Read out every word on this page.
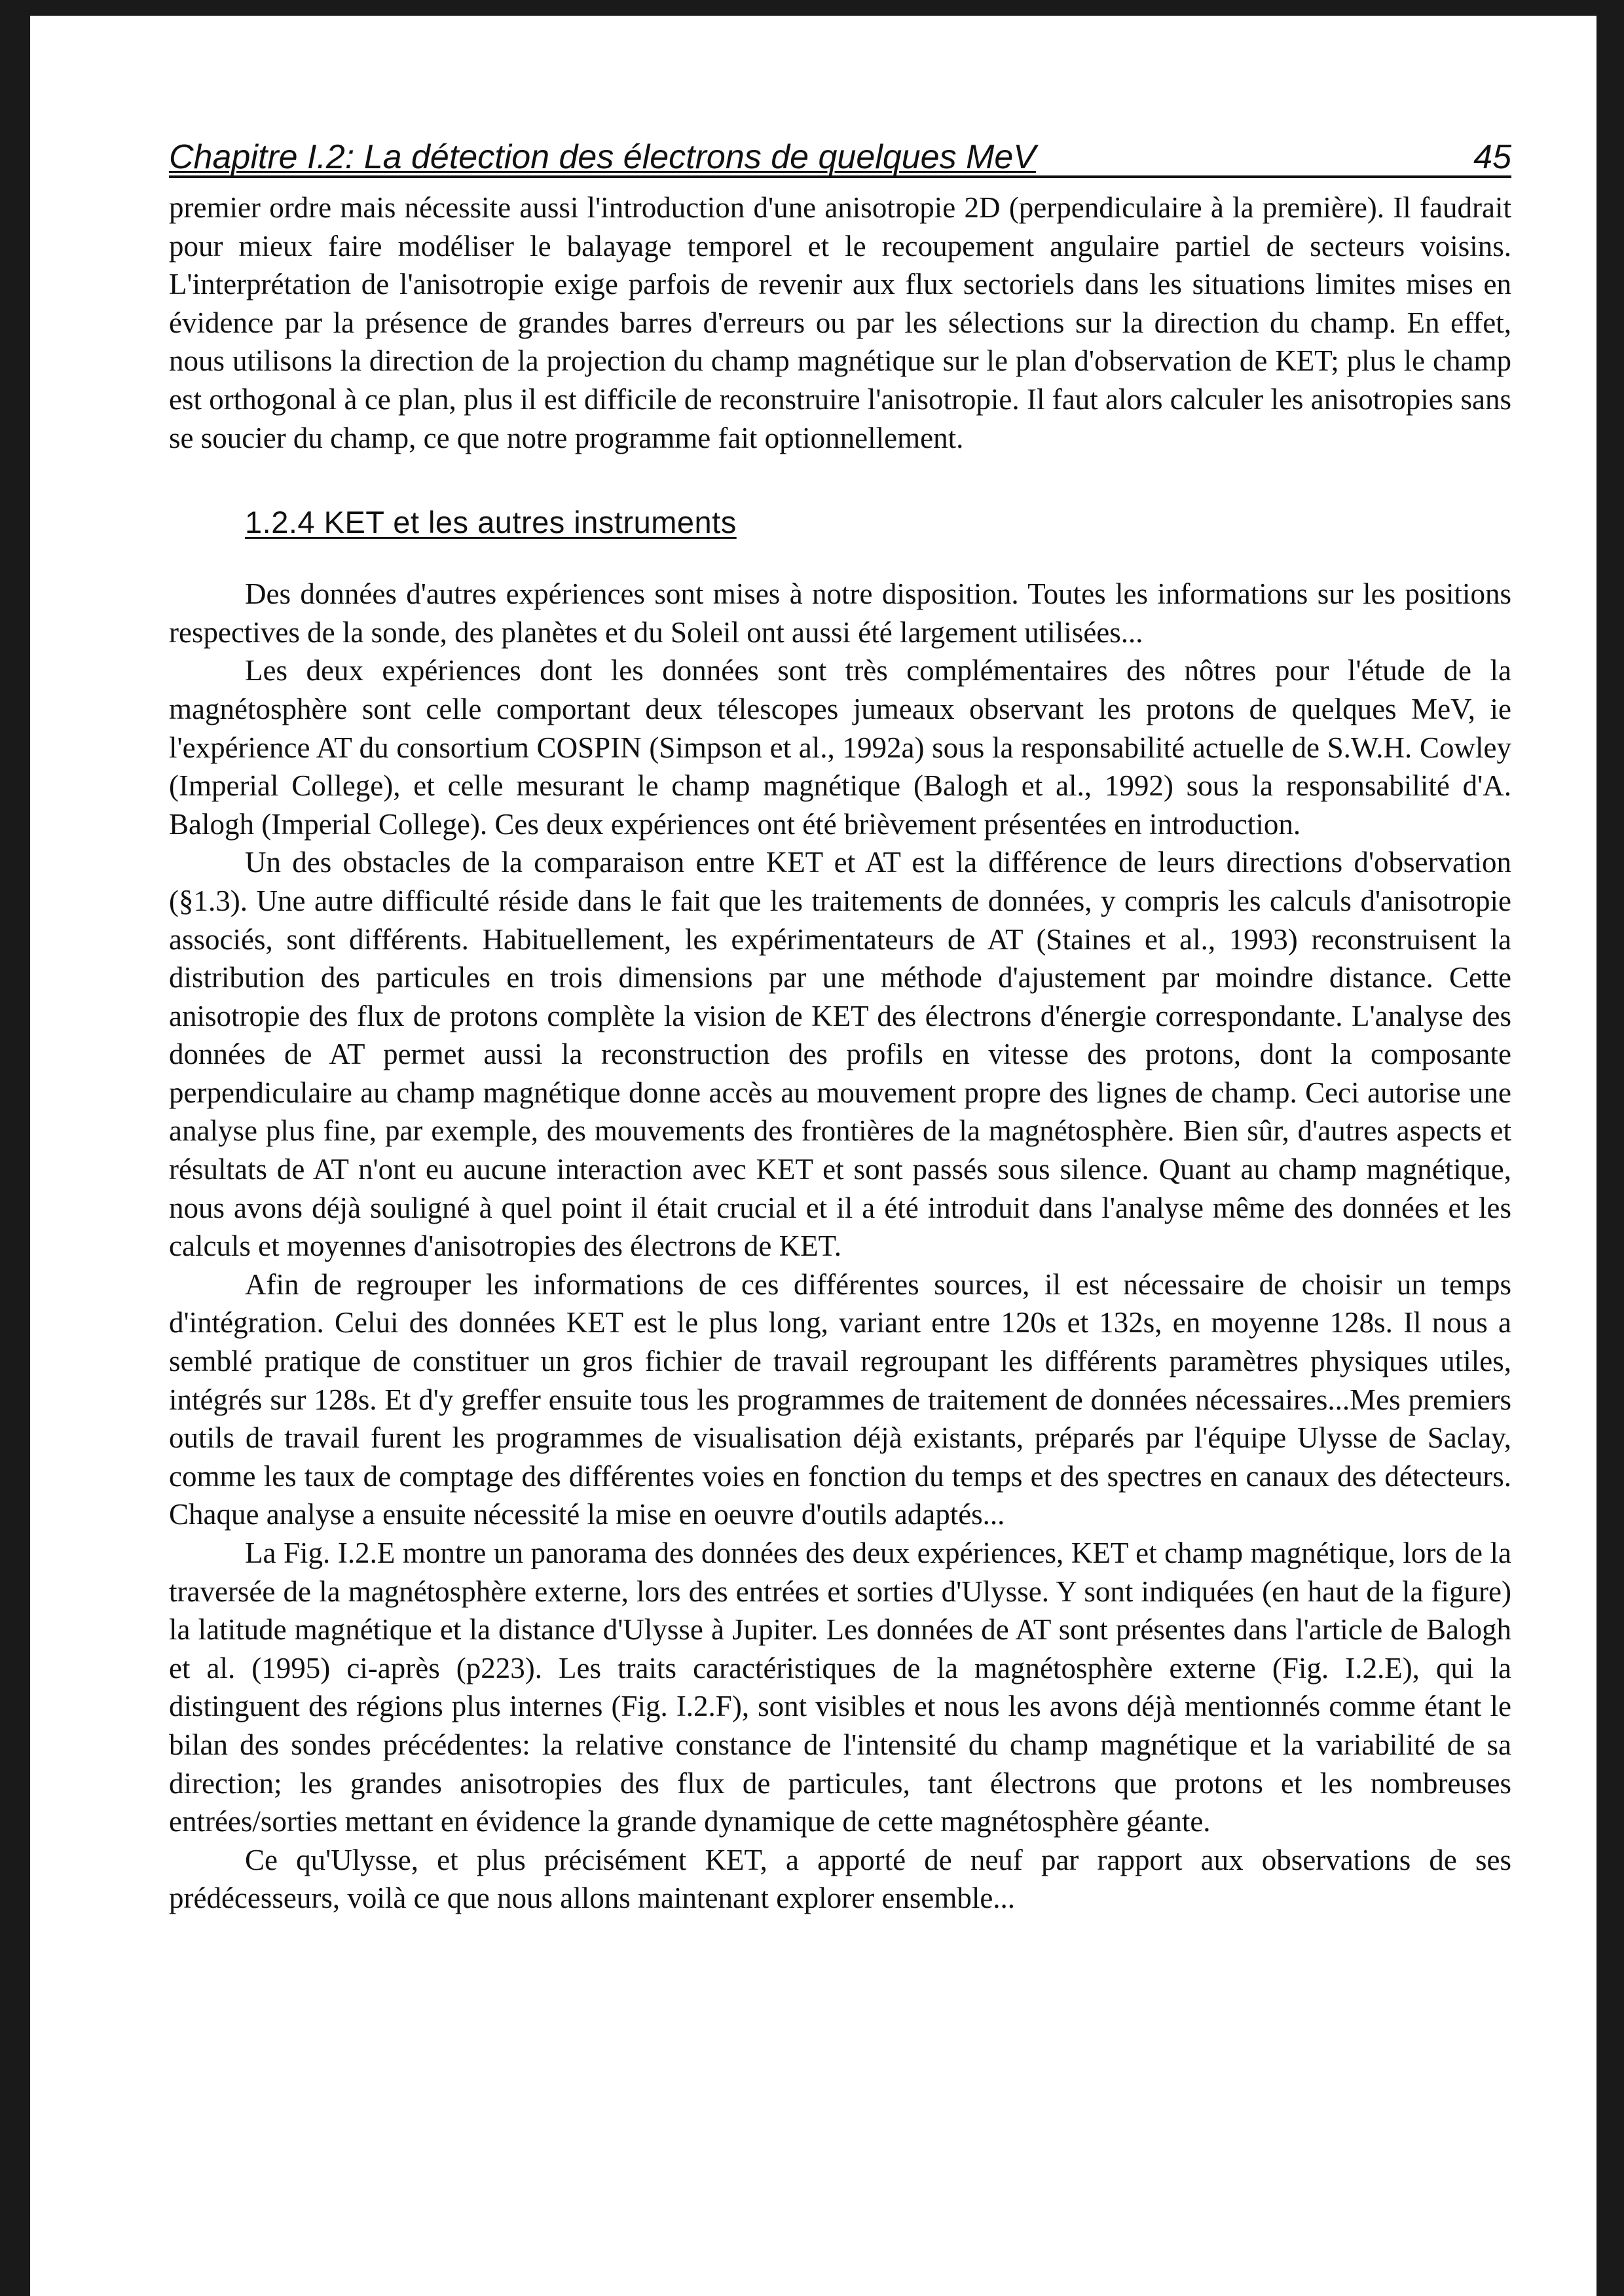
Chapitre I.2: La détection des électrons de quelques MeV	45

premier ordre mais nécessite aussi l'introduction d'une anisotropie 2D (perpendiculaire à la première). Il faudrait pour mieux faire modéliser le balayage temporel et le recoupement angulaire partiel de secteurs voisins. L'interprétation de l'anisotropie exige parfois de revenir aux flux sectoriels dans les situations limites mises en évidence par la présence de grandes barres d'erreurs ou par les sélections sur la direction du champ. En effet, nous utilisons la direction de la projection du champ magnétique sur le plan d'observation de KET; plus le champ est orthogonal à ce plan, plus il est difficile de reconstruire l'anisotropie. Il faut alors calculer les anisotropies sans se soucier du champ, ce que notre programme fait optionnellement.

1.2.4 KET et les autres instruments

Des données d'autres expériences sont mises à notre disposition. Toutes les informations sur les positions respectives de la sonde, des planètes et du Soleil ont aussi été largement utilisées...

Les deux expériences dont les données sont très complémentaires des nôtres pour l'étude de la magnétosphère sont celle comportant deux télescopes jumeaux observant les protons de quelques MeV, ie l'expérience AT du consortium COSPIN (Simpson et al., 1992a) sous la responsabilité actuelle de S.W.H. Cowley (Imperial College), et celle mesurant le champ magnétique (Balogh et al., 1992) sous la responsabilité d'A. Balogh (Imperial College). Ces deux expériences ont été brièvement présentées en introduction.

Un des obstacles de la comparaison entre KET et AT est la différence de leurs directions d'observation (§1.3). Une autre difficulté réside dans le fait que les traitements de données, y compris les calculs d'anisotropie associés, sont différents. Habituellement, les expérimentateurs de AT (Staines et al., 1993) reconstruisent la distribution des particules en trois dimensions par une méthode d'ajustement par moindre distance. Cette anisotropie des flux de protons complète la vision de KET des électrons d'énergie correspondante. L'analyse des données de AT permet aussi la reconstruction des profils en vitesse des protons, dont la composante perpendiculaire au champ magnétique donne accès au mouvement propre des lignes de champ. Ceci autorise une analyse plus fine, par exemple, des mouvements des frontières de la magnétosphère. Bien sûr, d'autres aspects et résultats de AT n'ont eu aucune interaction avec KET et sont passés sous silence. Quant au champ magnétique, nous avons déjà souligné à quel point il était crucial et il a été introduit dans l'analyse même des données et les calculs et moyennes d'anisotropies des électrons de KET.

Afin de regrouper les informations de ces différentes sources, il est nécessaire de choisir un temps d'intégration. Celui des données KET est le plus long, variant entre 120s et 132s, en moyenne 128s. Il nous a semblé pratique de constituer un gros fichier de travail regroupant les différents paramètres physiques utiles, intégrés sur 128s. Et d'y greffer ensuite tous les programmes de traitement de données nécessaires...Mes premiers outils de travail furent les programmes de visualisation déjà existants, préparés par l'équipe Ulysse de Saclay, comme les taux de comptage des différentes voies en fonction du temps et des spectres en canaux des détecteurs. Chaque analyse a ensuite nécessité la mise en oeuvre d'outils adaptés...

La Fig. I.2.E montre un panorama des données des deux expériences, KET et champ magnétique, lors de la traversée de la magnétosphère externe, lors des entrées et sorties d'Ulysse. Y sont indiquées (en haut de la figure) la latitude magnétique et la distance d'Ulysse à Jupiter. Les données de AT sont présentes dans l'article de Balogh et al. (1995) ci-après (p223). Les traits caractéristiques de la magnétosphère externe (Fig. I.2.E), qui la distinguent des régions plus internes (Fig. I.2.F), sont visibles et nous les avons déjà mentionnés comme étant le bilan des sondes précédentes: la relative constance de l'intensité du champ magnétique et la variabilité de sa direction; les grandes anisotropies des flux de particules, tant électrons que protons et les nombreuses entrées/sorties mettant en évidence la grande dynamique de cette magnétosphère géante.

Ce qu'Ulysse, et plus précisément KET, a apporté de neuf par rapport aux observations de ses prédécesseurs, voilà ce que nous allons maintenant explorer ensemble...
